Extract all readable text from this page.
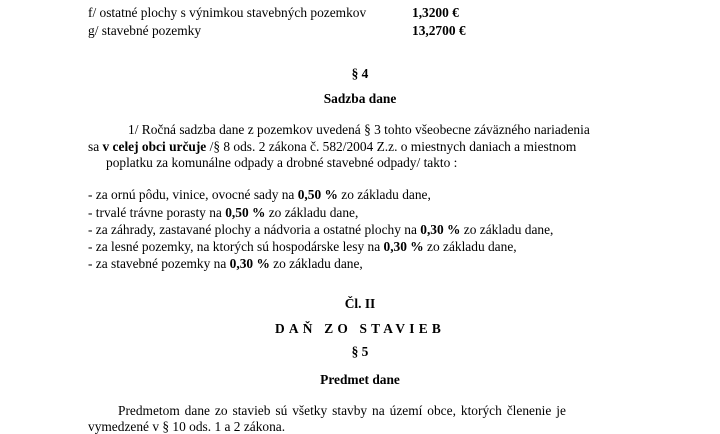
f/ ostatné plochy s výnimkou stavebných pozemkov	1,3200 €
g/ stavebné pozemky	13,2700 €
§ 4
Sadzba dane
1/ Ročná sadzba dane z pozemkov uvedená § 3 tohto všeobecne záväzného nariadenia
sa v celej obci určuje /§ 8 ods. 2 zákona č. 582/2004 Z.z. o miestnych daniach a miestnom
poplatku za komunálne odpady a drobné stavebné odpady/ takto :
- za ornú pôdu, vinice, ovocné sady na 0,50 % zo základu dane,
- trvalé trávne porasty na 0,50 % zo základu dane,
- za záhrady, zastavané plochy a nádvoria a ostatné plochy na 0,30 % zo základu dane,
- za lesné pozemky, na ktorých sú hospodárske lesy na 0,30 % zo základu dane,
- za stavebné pozemky na 0,30 % zo základu dane,
Čl. II
DAŇ ZO STAVIEB
§ 5
Predmet dane
Predmetom dane zo stavieb sú všetky stavby na území obce, ktorých členenie je
vymedzené v § 10 ods. 1 a 2 zákona.
